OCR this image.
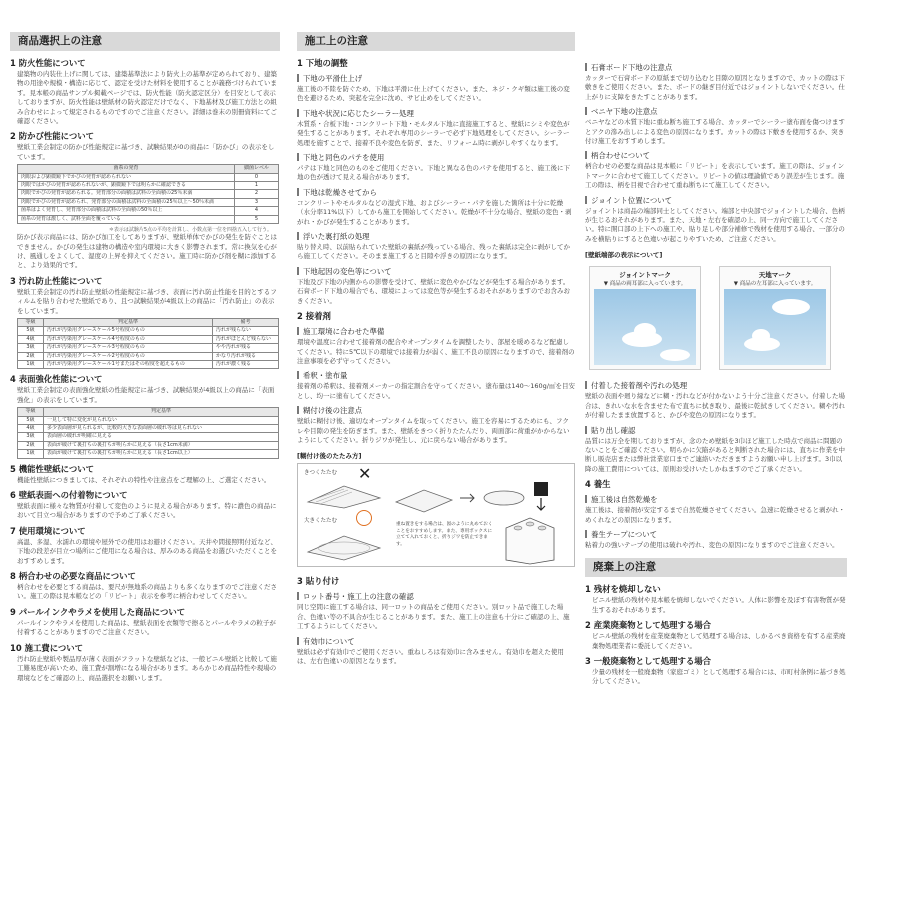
商品選択上の注意
1 防火性能について
建築物の内装仕上げに関しては、建築基準法により防火上の基準が定められており、建築物の用途や規模・構造に応じて、認定を受けた材料を使用することが義務づけられています。見本帳の商品サンプル掲載ページでは、防火性能（防火認定区分）を目安として表示しておりますが、防火性能は壁紙材の防火認定だけでなく、下地基材及び施工方法との組み合わせによって規定されるものですのでご注意ください。詳細は巻末の別冊資料にてご確認ください。
2 防かび性能について
壁紙工業会制定の防かび性能規定に基づき、試験結果が0の商品に「防かび」の表示をしています。
菌糸の発育	細菌レベル
肉眼および顕微鏡下でかびの発育が認められない	0
肉眼ではかびの発育が認められないが、顕微鏡下では明らかに確認できる	1
肉眼でかびの発育が認められる。発育部分の面積は試料の全面積の25％未満	2
肉眼でかびの発育が認められ、発育部分の面積は試料の全面積の25％以上～50％未満	3
菌糸はよく発育し、発育部分の面積は試料の全面積の50％以上	4
菌糸の発育は激しく、試料全面を覆っている	5
＊表示は試験片5点の平均を計算し、小数点第一位を四捨五入して行う。
防かび表示商品には、防かび加工をしてありますが、壁紙単体でかびの発生を防ぐことはできません。かびの発生は建物の構造や室内環境に大きく影響されます。常に換気を心がけ、風通しをよくして、湿度の上昇を抑えてください。施工時に防かび剤を糊に添加すると、より効果的です。
3 汚れ防止性能について
壁紙工業会制定の汚れ防止壁紙の性能規定に基づき、表面に汚れ防止性能を目的とするフィルムを貼り合わせた壁紙であり、且つ試験結果が4級以上の商品に「汚れ防止」の表示をしています。
等級	判定基準	備考
5級	汚れが汚染用グレースケール5号程度のもの	汚れが残らない
4級	汚れが汚染用グレースケール4号程度のもの	汚れがほとんど残らない
3級	汚れが汚染用グレースケール3号程度のもの	やや汚れが残る
2級	汚れが汚染用グレースケール2号程度のもの	かなり汚れが残る
1級	汚れが汚染用グレースケール1号またはその程度を超えるもの	汚れが濃く残る
4 表面強化性能について
壁紙工業会制定の表面強化壁紙の性能規定に基づき、試験結果が4級以上の商品に「表面強化」の表示をしています。
等級	判定基準
5級	一見して特に変化が見られない
4級	多少表面層が見られるが、比較的大きな表面層の破れ等は見られない
3級	表面層の破れが明確に見える
2級	表面が破けて裏打ちの裏打ちが明らかに見える（長さ1cm未満）
1級	表面が破けて裏打ちの裏打ちが明らかに見える（長さ1cm以上）
5 機能性壁紙について
機能性壁紙につきましては、それぞれの特性や注意点をご理解の上、ご選定ください。
6 壁紙表面への付着物について
壁紙表面に様々な物質が付着して変色のように見える場合があります。特に濃色の商品において目立つ場合がありますので予めご了承ください。
7 使用環境について
高温、多湿、水濡れの環境や屋外での使用はお避けください。天井や間接照明付近など、下地の段差が目立つ場所にご使用になる場合は、厚みのある商品をお選びいただくことをおすすめします。
8 柄合わせの必要な商品について
柄合わせを必要とする商品は、要尺が無地系の商品よりも多くなりますのでご注意ください。施工の際は見本帳などの「リピート」表示を参考に柄合わせしてください。
9 パールインクやラメを使用した商品について
パールインクやラメを使用した商品は、壁紙表面を衣類等で擦るとパールやラメの粒子が付着することがありますのでご注意ください。
10 施工費について
汚れ防止壁紙や製品厚が薄く表面がフラットな壁紙などは、一般ビニル壁紙と比較して施工難易度が高いため、施工費が割増になる場合があります。あらかじめ商品特性や現場の環境などをご確認の上、商品選択をお願いします。
施工上の注意
1 下地の調整
下地の平滑仕上げ
施工後の不陸を防ぐため、下地は平滑に仕上げてください。また、ネジ・クギ類は施工後の変色を避けるため、突起を完全に沈め、サビ止めをしてください。
下地や状況に応じたシーラー処理
木質系・合板下地・コンクリート下地・モルタル下地に直接施工すると、壁紙にシミや変色が発生することがあります。それぞれ専用のシーラーで必ず下地処理をしてください。シーラー処理を施すことで、接着不良や変色を防ぎ、また、リフォーム時に剥がしやすくなります。
下地と同色のパテを使用
パテは下地と同色のものをご使用ください。下地と異なる色のパテを使用すると、施工後に下地の色が透けて見える場合があります。
下地は乾燥させてから
コンクリートやモルタルなどの湿式下地、およびシーラー・パテを施した箇所は十分に乾燥（水分率11%以下）してから施工を開始してください。乾燥が不十分な場合、壁紙の変色・剥がれ・かびが発生することがあります。
浮いた裏打紙の処理
貼り替え時、以前貼られていた壁紙の裏紙が残っている場合、残った裏紙は完全に剥がしてから施工してください。そのまま施工すると目隙や浮きの原因になります。
下地起因の変色等について
下地及び下地の内側からの影響を受けて、壁紙に変色やかびなどが発生する場合があります。石膏ボード下地の場合でも、環境によっては変色等が発生するおそれがありますのでお含みおきください。
2 接着剤
施工環境に合わせた準備
環境や温度に合わせて接着剤の配合やオープンタイムを調整したり、部屋を暖めるなど配慮してください。特に5℃以下の環境では接着力が弱く、施工不良の原因になりますので、接着剤の注意事項を必ず守ってください。
希釈・塗布量
接着剤の希釈は、接着剤メーカーの指定割合を守ってください。塗布量は140～160g/㎡を目安とし、均一に塗布してください。
糊付け後の注意点
壁紙に糊付け後、適切なオープンタイムを取ってください。施工を容易にするためにも、フクレや目隙の発生を防ぎます。また、壁紙をきつく折りたたんだり、両面部に荷重がかからないようにしてください。折りジワが発生し、元に戻らない場合があります。
[糊付け後のたたみ方]
きつくたたむ ✕
大きくたたむ
重ね置きをする場合は、図のように丸めておくことをおすすめします。また、専用ボックスに立てて入れておくと、折りジワを防止できます。
3 貼り付け
ロット番号・施工上の注意の確認
同じ空間に施工する場合は、同一ロットの商品をご使用ください。別ロット品で施工した場合、色違い等の不具合が生じることがあります。また、施工上の注意も十分にご確認の上、施工するようにしてください。
有効巾について
壁紙は必ず有効巾でご使用ください。重ねしろは有効巾に含みません。有効巾を超えた使用は、左右色違いの原因となります。
石膏ボード下地の注意点
カッターで石膏ボードの原紙まで切り込むと目隙の原因となりますので、カットの際は下敷きをご使用ください。また、ボードの継ぎ目付近ではジョイントしないでください。仕上がりに支障をきたすことがあります。
ベニヤ下地の注意点
ベニヤなどの木質下地に重ね断ち施工する場合、カッターでシーラー塗布面を傷つけますとアクの滲み出しによる変色の原因になります。カットの際は下敷きを使用するか、突き付け施工をおすすめします。
柄合わせについて
柄合わせの必要な商品は見本帳に「リピート」を表示しています。施工の際は、ジョイントマークに合わせて施工してください。リピートの値は理論値であり誤差が生じます。施工の際は、柄を目視で合わせて重ね断ちにて施工してください。
ジョイント位置について
ジョイントは商品の端部同士としてください。端部と中央部でジョイントした場合、色柄が生じるおそれがあります。また、天地・左右を確認の上、同一方向で施工してください。特に開口部の上下への施工や、貼り足しや部分補修で残材を使用する場合、一部分のみを横貼りにすると色違いが起こりやすいため、ご注意ください。
[壁紙端部の表示について]
ジョイントマーク
▼ 商品の両耳部に入っています。
天地マーク
▼ 商品の左耳部に入っています。
付着した接着剤や汚れの処理
壁紙の表面や廻り縁などに糊・汚れなどが付かないよう十分ご注意ください。付着した場合は、きれいな水を含ませた布で直ちに拭き取り、最後に乾拭きしてください。糊や汚れが付着したまま放置すると、かびや変色の原因になります。
貼り出し確認
品質には万全を期しておりますが、念のため壁紙を3巾ほど施工した時点で商品に問題のないことをご確認ください。明らかに欠陥があると判断された場合には、直ちに作業を中断し販売店または弊社営業窓口までご連絡いただきますようお願い申し上げます。3巾以降の施工費用については、原則お受けいたしかねますのでご了承ください。
4 養生
施工後は自然乾燥を
施工後は、接着剤が安定するまで自然乾燥させてください。急速に乾燥させると剥がれ・めくれなどの原因になります。
養生テープについて
粘着力の強いテープの使用は破れや汚れ、変色の原因になりますのでご注意ください。
廃棄上の注意
1 残材を焼却しない
ビニル壁紙の残材や見本帳を焼却しないでください。人体に影響を及ぼす有害物質が発生するおそれがあります。
2 産業廃棄物として処理する場合
ビニル壁紙の残材を産業廃棄物として処理する場合は、しかるべき資格を有する産業廃棄物処理業者に委託してください。
3 一般廃棄物として処理する場合
少量の残材を一般廃棄物（家庭ゴミ）として処理する場合には、市町村条例に基づき処分してください。
